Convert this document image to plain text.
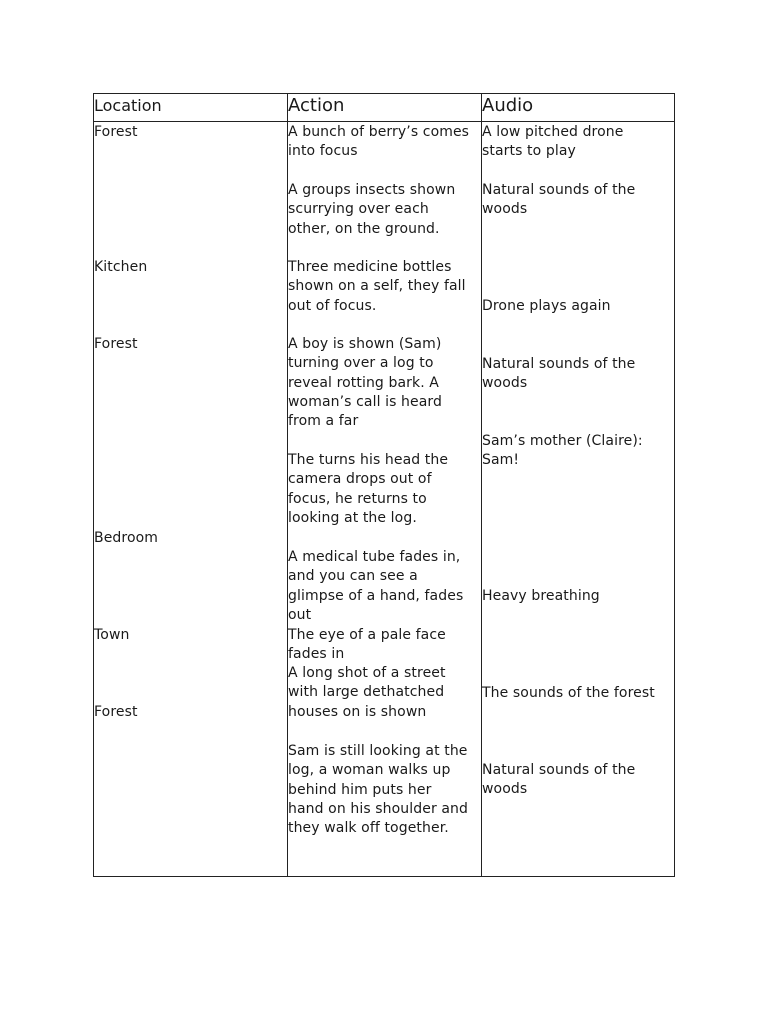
Location	Action	Audio
Forest
Kitchen
Forest
Bedroom
Town
Forest
A bunch of berry’s comes
into focus
A groups insects shown
scurrying over each
other, on the ground.
Three medicine bottles
shown on a self, they fall
out of focus.
A boy is shown (Sam)
turning over a log to
reveal rotting bark. A
woman’s call is heard
from a far
The turns his head the
camera drops out of
focus, he returns to
looking at the log.
A medical tube fades in,
and you can see a
glimpse of a hand, fades
out
The eye of a pale face
fades in
A long shot of a street
with large dethatched
houses on is shown
Sam is still looking at the
log, a woman walks up
behind him puts her
hand on his shoulder and
they walk off together.
A low pitched drone
starts to play
Natural sounds of the
woods
Drone plays again
Natural sounds of the
woods
Sam’s mother (Claire):
Sam!
Heavy breathing
The sounds of the forest
Natural sounds of the
woods
